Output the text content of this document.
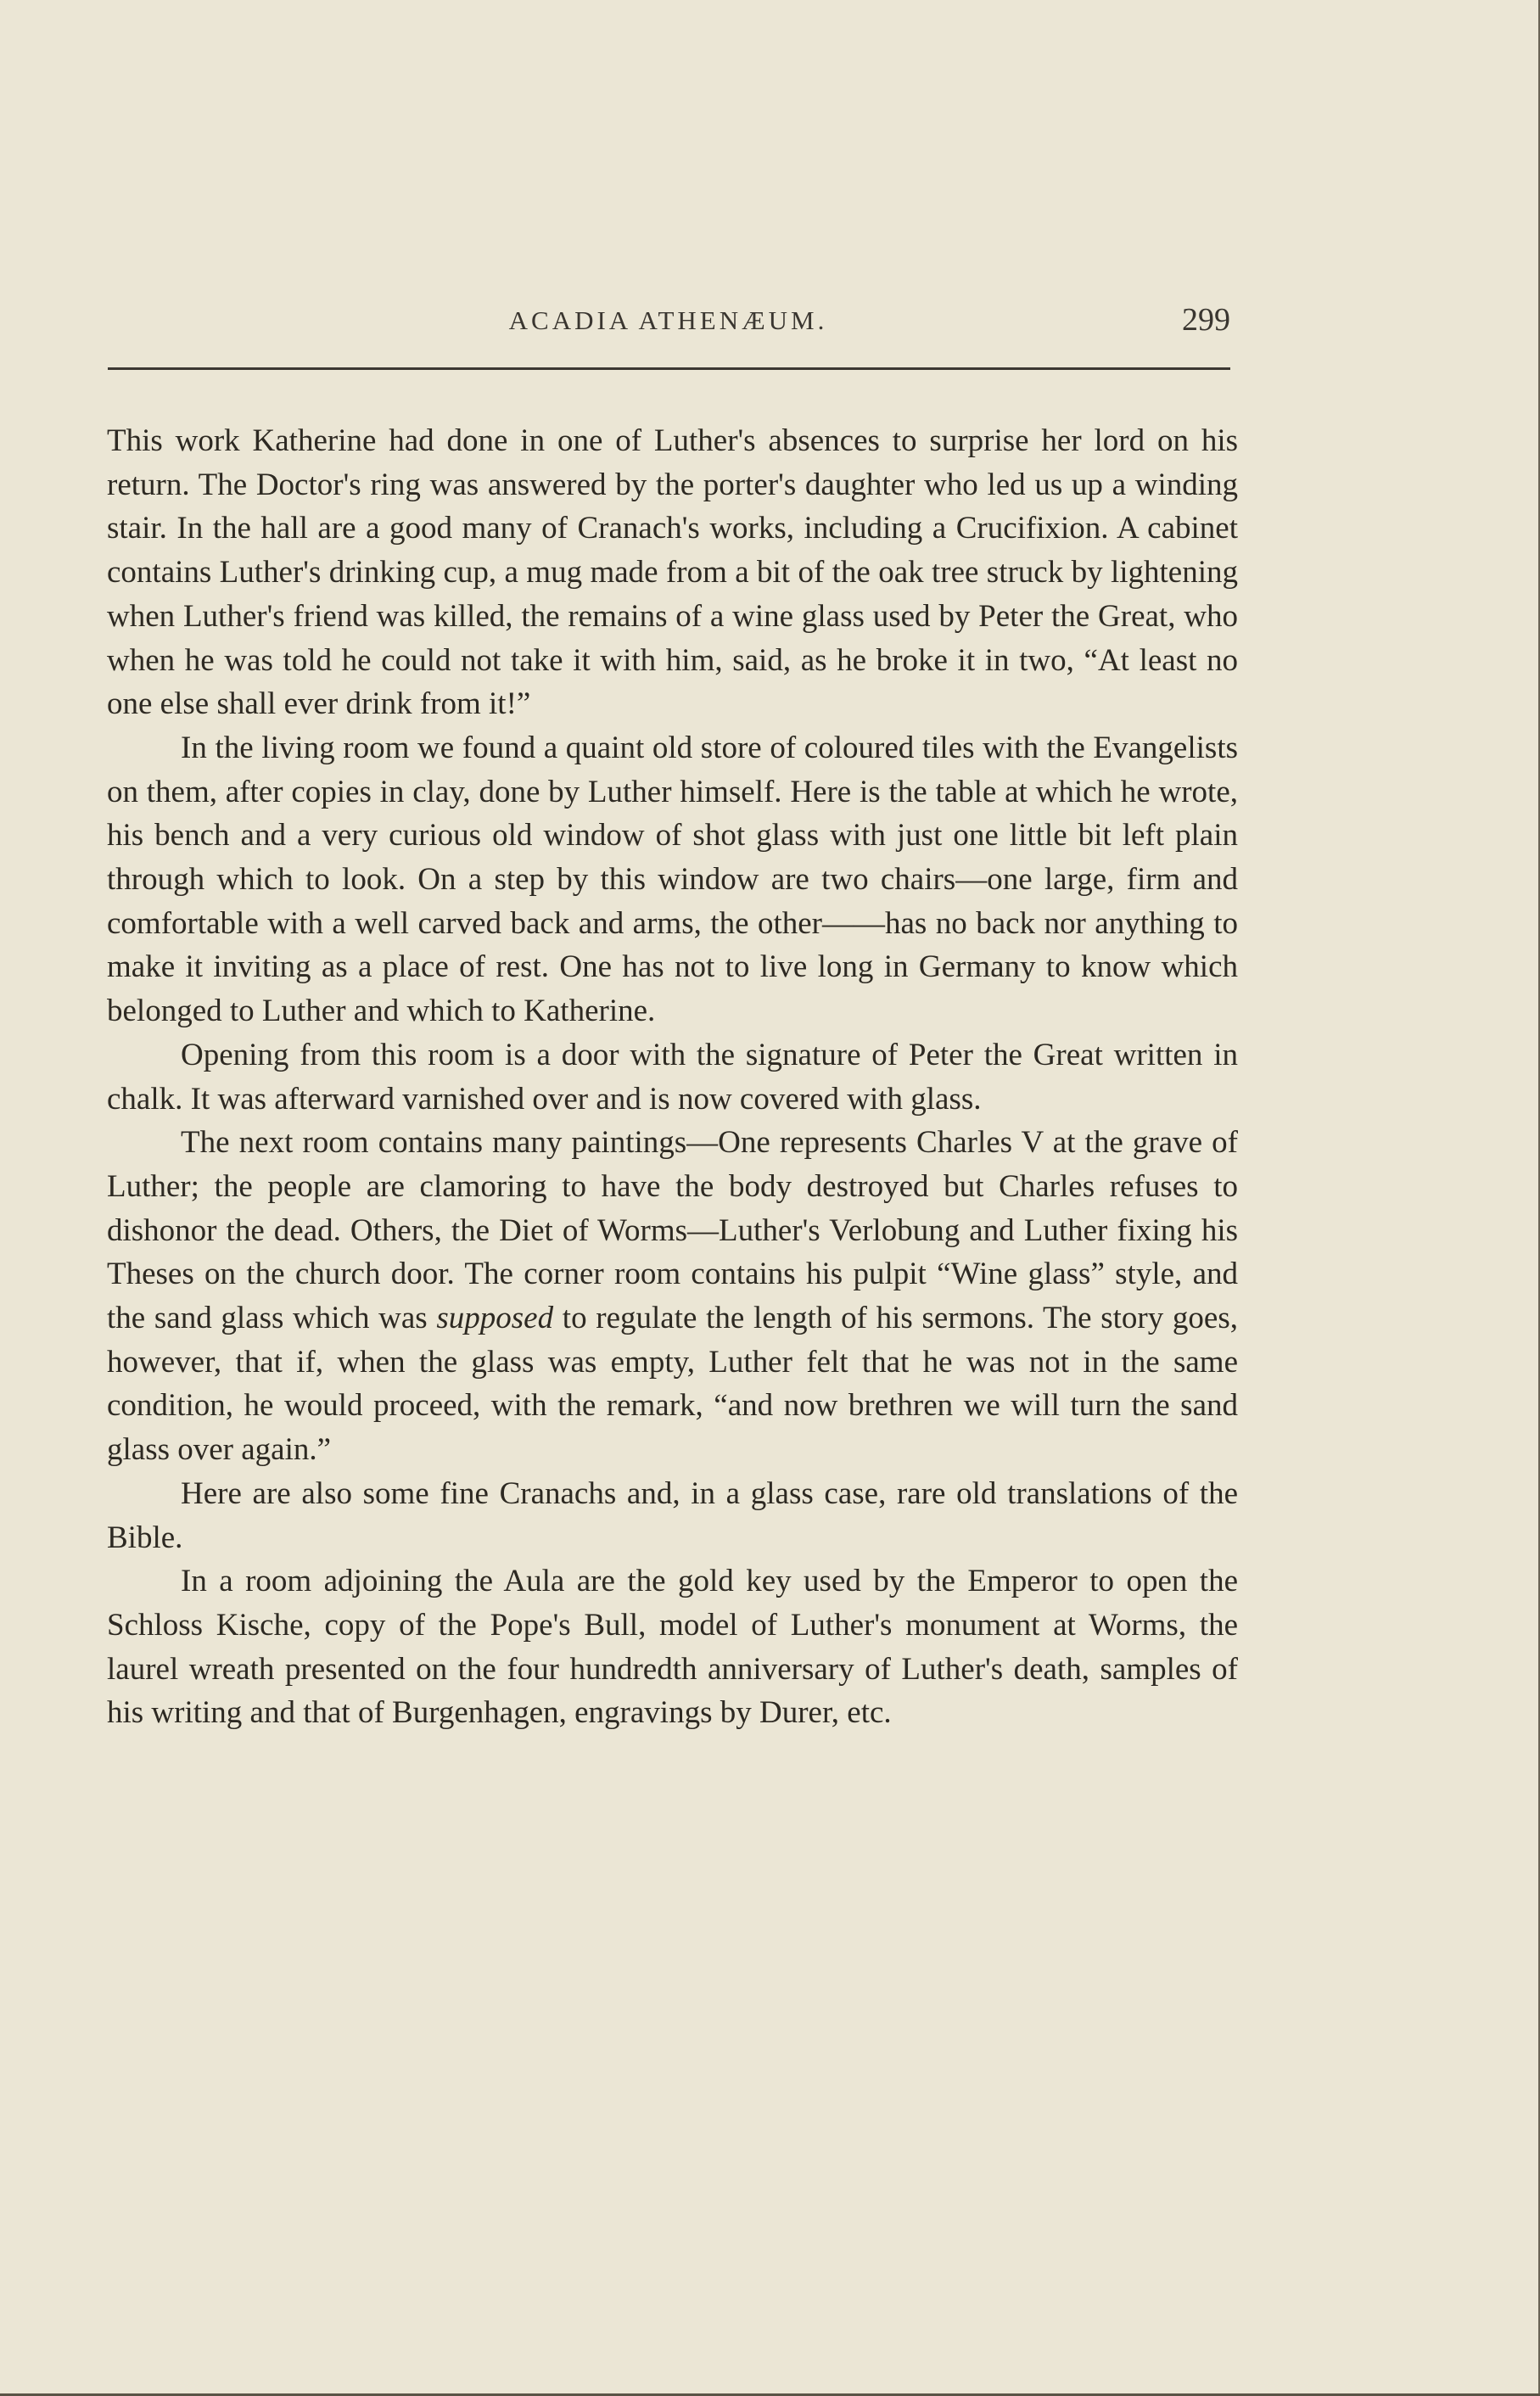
ACADIA ATHENÆUM.	299

This work Katherine had done in one of Luther's absences to surprise her lord on his return. The Doctor's ring was answered by the porter's daughter who led us up a winding stair. In the hall are a good many of Cranach's works, including a Crucifixion. A cabinet contains Luther's drinking cup, a mug made from a bit of the oak tree struck by lightening when Luther's friend was killed, the remains of a wine glass used by Peter the Great, who when he was told he could not take it with him, said, as he broke it in two, “At least no one else shall ever drink from it!”

In the living room we found a quaint old store of coloured tiles with the Evangelists on them, after copies in clay, done by Luther himself. Here is the table at which he wrote, his bench and a very curious old window of shot glass with just one little bit left plain through which to look. On a step by this window are two chairs—one large, firm and comfortable with a well carved back and arms, the other——has no back nor anything to make it inviting as a place of rest. One has not to live long in Germany to know which belonged to Luther and which to Katherine.

Opening from this room is a door with the signature of Peter the Great written in chalk. It was afterward varnished over and is now covered with glass.

The next room contains many paintings—One represents Charles V at the grave of Luther; the people are clamoring to have the body destroyed but Charles refuses to dishonor the dead. Others, the Diet of Worms—Luther's Verlobung and Luther fixing his Theses on the church door. The corner room contains his pulpit “Wine glass” style, and the sand glass which was supposed to regulate the length of his sermons. The story goes, however, that if, when the glass was empty, Luther felt that he was not in the same condition, he would proceed, with the remark, “and now brethren we will turn the sand glass over again.”

Here are also some fine Cranachs and, in a glass case, rare old translations of the Bible.

In a room adjoining the Aula are the gold key used by the Emperor to open the Schloss Kische, copy of the Pope's Bull, model of Luther's monument at Worms, the laurel wreath presented on the four hundredth anniversary of Luther's death, samples of his writing and that of Burgenhagen, engravings by Durer, etc.
